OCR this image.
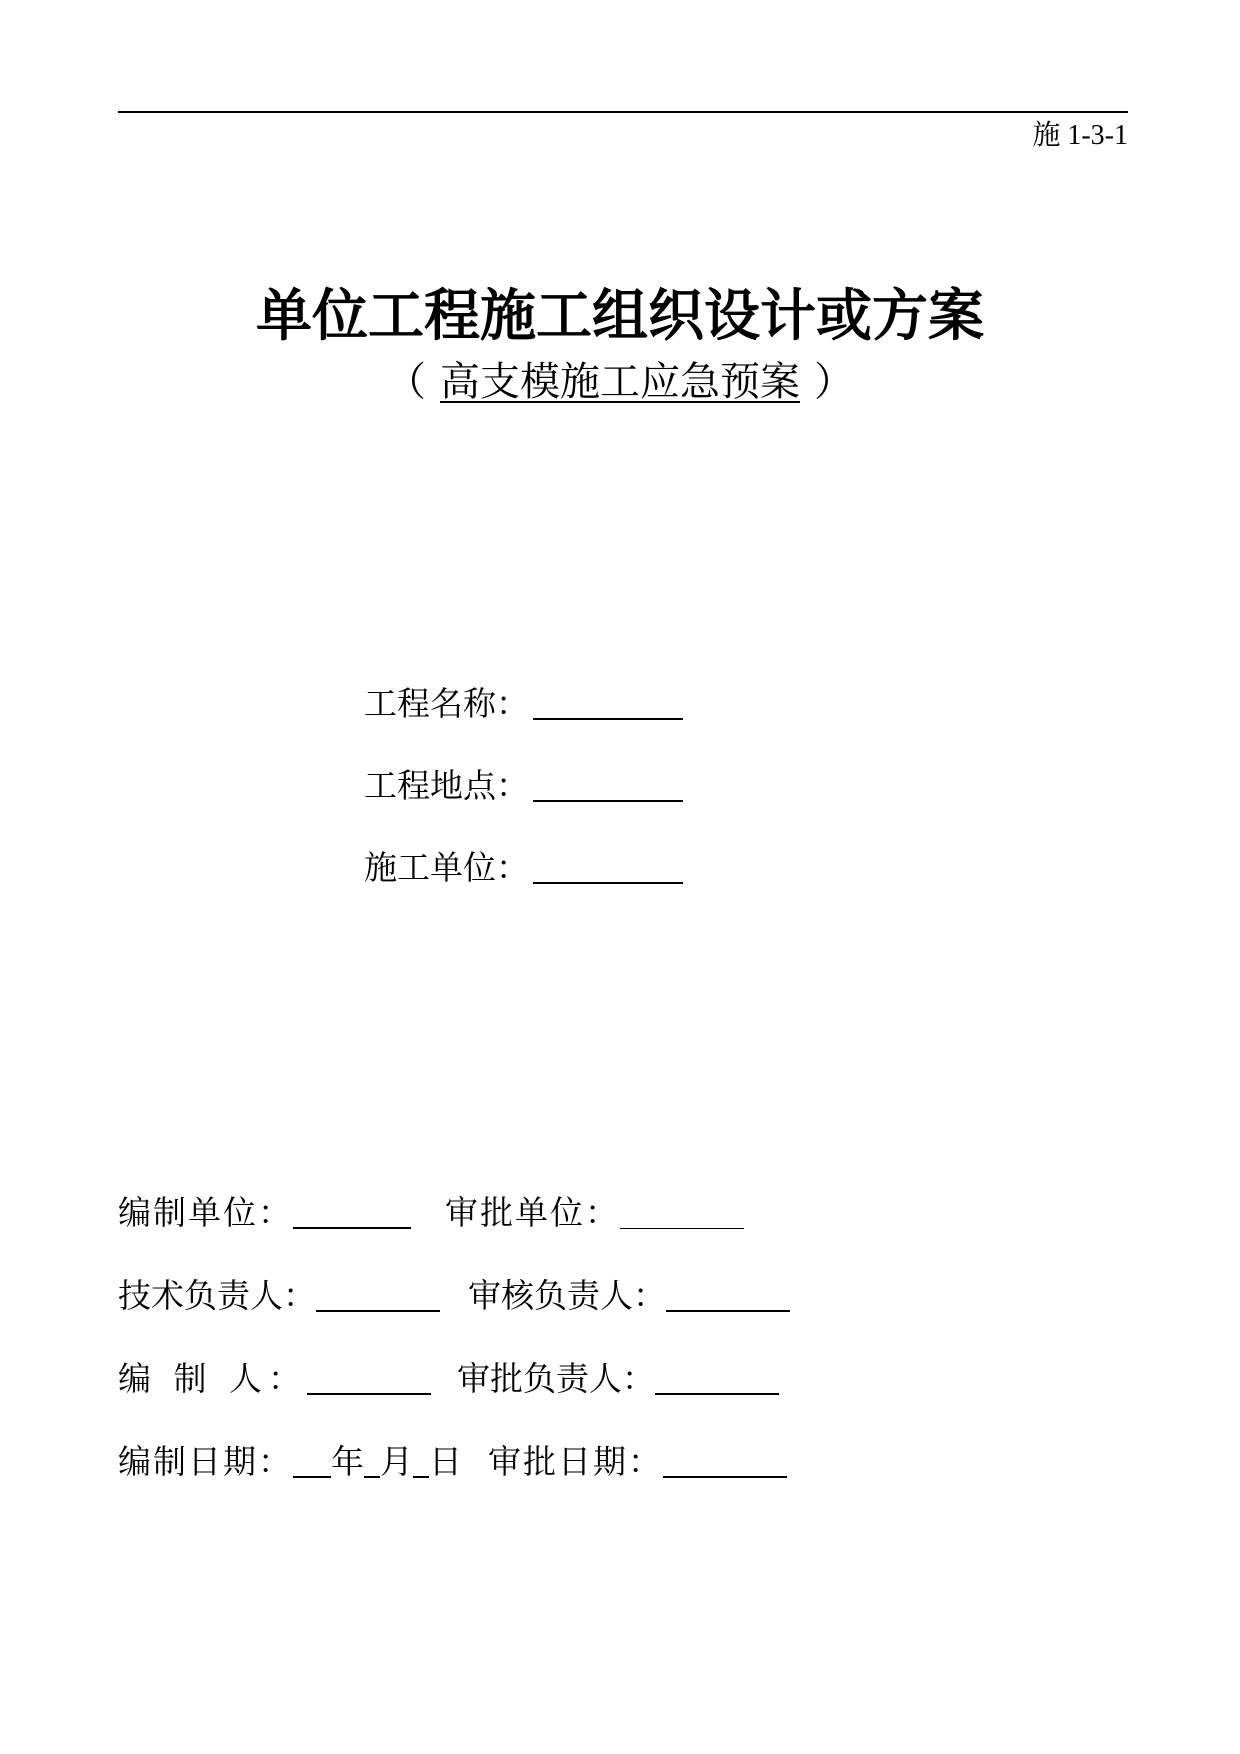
施 1-3-1
单位工程施工组织设计或方案
（ 高支模施工应急预案 ）
工程名称：
工程地点：
施工单位：
编制单位：	审批单位：
技术负责人：	审核负责人：
编 制 人：	审批负责人：
编制日期： 年 月 日 审批日期：
